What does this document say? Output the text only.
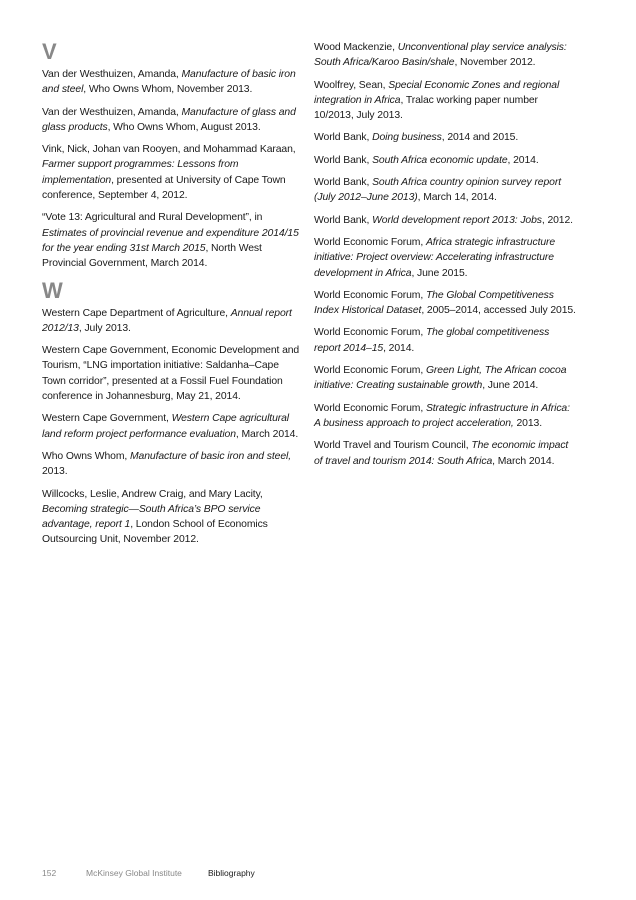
V

Van der Westhuizen, Amanda, Manufacture of basic iron and steel, Who Owns Whom, November 2013.

Van der Westhuizen, Amanda, Manufacture of glass and glass products, Who Owns Whom, August 2013.

Vink, Nick, Johan van Rooyen, and Mohammad Karaan, Farmer support programmes: Lessons from implementation, presented at University of Cape Town conference, September 4, 2012.

“Vote 13: Agricultural and Rural Development”, in Estimates of provincial revenue and expenditure 2014/15 for the year ending 31st March 2015, North West Provincial Government, March 2014.

W

Western Cape Department of Agriculture, Annual report 2012/13, July 2013.

Western Cape Government, Economic Development and Tourism, “LNG importation initiative: Saldanha–Cape Town corridor”, presented at a Fossil Fuel Foundation conference in Johannesburg, May 21, 2014.

Western Cape Government, Western Cape agricultural land reform project performance evaluation, March 2014.

Who Owns Whom, Manufacture of basic iron and steel, 2013.

Willcocks, Leslie, Andrew Craig, and Mary Lacity, Becoming strategic—South Africa’s BPO service advantage, report 1, London School of Economics Outsourcing Unit, November 2012.

Wood Mackenzie, Unconventional play service analysis: South Africa/Karoo Basin/shale, November 2012.

Woolfrey, Sean, Special Economic Zones and regional integration in Africa, Tralac working paper number 10/2013, July 2013.

World Bank, Doing business, 2014 and 2015.

World Bank, South Africa economic update, 2014.

World Bank, South Africa country opinion survey report (July 2012–June 2013), March 14, 2014.

World Bank, World development report 2013: Jobs, 2012.

World Economic Forum, Africa strategic infrastructure initiative: Project overview: Accelerating infrastructure development in Africa, June 2015.

World Economic Forum, The Global Competitiveness Index Historical Dataset, 2005–2014, accessed July 2015.

World Economic Forum, The global competitiveness report 2014–15, 2014.

World Economic Forum, Green Light, The African cocoa initiative: Creating sustainable growth, June 2014.

World Economic Forum, Strategic infrastructure in Africa: A business approach to project acceleration, 2013.

World Travel and Tourism Council, The economic impact of travel and tourism 2014: South Africa, March 2014.

152	McKinsey Global Institute	Bibliography
